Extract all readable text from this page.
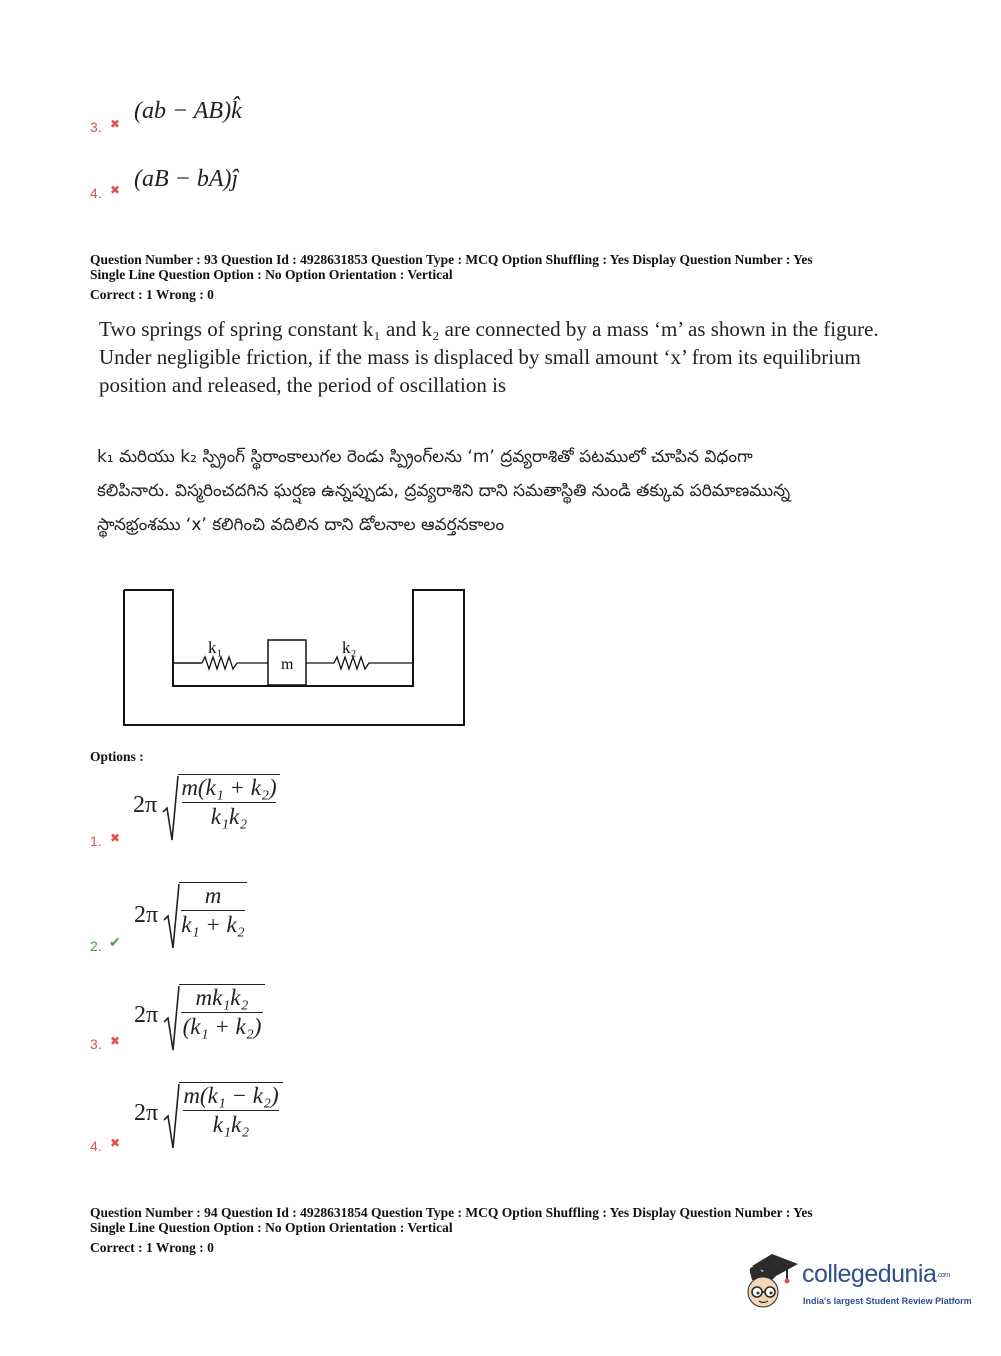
3. ✖ (ab − AB)k̂
4. ✖ (aB − bA)ĵ
Question Number : 93 Question Id : 4928631853 Question Type : MCQ Option Shuffling : Yes Display Question Number : Yes
Single Line Question Option : No Option Orientation : Vertical
Correct : 1 Wrong : 0
Two springs of spring constant k₁ and k₂ are connected by a mass ‘m’ as shown in the figure.
Under negligible friction, if the mass is displaced by small amount ‘x’ from its equilibrium
position and released, the period of oscillation is
k₁ మరియు k₂ స్ప్రింగ్ స్థిరాంకాలుగల రెండు స్ప్రింగ్‌లను ‘m’ ద్రవ్యరాశితో పటములో చూపిన విధంగా
కలిపినారు. విస్మరించదగిన ఘర్షణ ఉన్నప్పుడు, ద్రవ్యరాశిని దాని సమతాస్థితి నుండి తక్కువ పరిమాణమున్న
స్థానభ్రంశము ‘x’ కలిగించి వదిలిన దాని డోలనాల ఆవర్తనకాలం
m
k₁	k₂
Options :
1. ✖
2π
m(k₁ + k₂)
k₁k₂
2. ✔
2π
m
k₁ + k₂
3. ✖
2π
mk₁k₂
(k₁ + k₂)
4. ✖
2π
m(k₁ − k₂)
k₁k₂
Question Number : 94 Question Id : 4928631854 Question Type : MCQ Option Shuffling : Yes Display Question Number : Yes
Single Line Question Option : No Option Orientation : Vertical
Correct : 1 Wrong : 0
collegedunia.com
India's largest Student Review Platform
